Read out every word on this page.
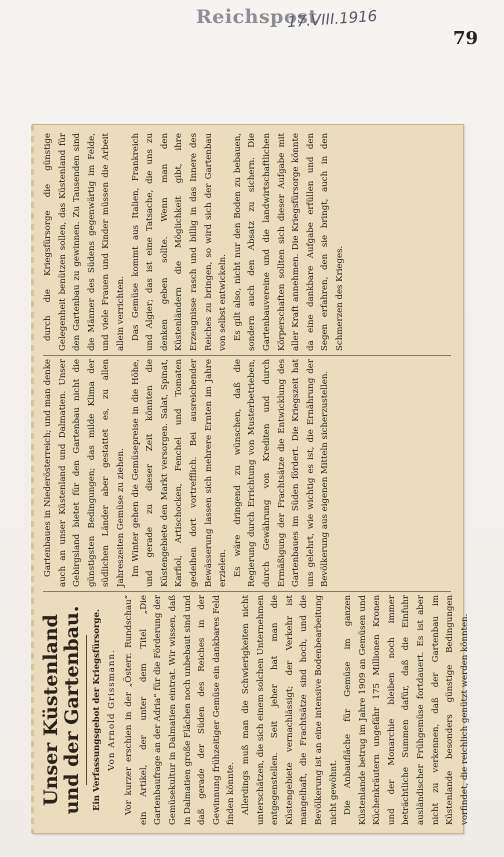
Reichspost
17.VIII.1916
79
Unser Küstenland und der Gartenbau. Ein Verfassungsgebot der Kriegsfürsorge. Von Arnold Grissmann. Vor kurzer erschien in der „Österr. Rundschau“ ein Artikel, der unter dem Titel „Die Gartenbaufrage an der Adria“ für die Förderung der Gemüsekultur in Dalmatien eintrat. Wir wissen, daß in Dalmatien große Flächen noch unbebaut sind und daß gerade der Süden des Reiches in der Gewinnung frühzeitiger Gemüse ein dankbares Feld finden könnte. Allerdings muß man die Schwierigkeiten nicht unterschätzen, die sich einem solchen Unternehmen entgegenstellen. Seit jeher hat man die Küstengebiete vernachlässigt; der Verkehr ist mangelhaft, die Frachtsätze sind hoch, und die Bevölkerung ist an eine intensive Bodenbearbeitung nicht gewöhnt. Die Anbaufläche für Gemüse im ganzen Küstenlande betrug im Jahre 1909 an Gemüsen und Küchenkräutern ungefähr 175 Millionen Kronen und der Monarchie bleiben noch immer beträchtliche Summen dafür, daß die Einfuhr ausländischer Frühgemüse fortdauert. Es ist aber nicht zu verkennen, daß der Gartenbau im Küstenlande besonders günstige Bedingungen vorfindet, die reichlich genützt werden könnten.

Gartenbaues in Niederösterreich; und man denke auch an unser Küstenland und Dalmatien. Unser Gebirgsland bietet für den Gartenbau nicht die günstigsten Bedingungen; das milde Klima der südlichen Länder aber gestattet es, zu allen Jahreszeiten Gemüse zu ziehen. Im Winter gehen die Gemüsepreise in die Höhe, und gerade zu dieser Zeit könnten die Küstengebiete den Markt versorgen. Salat, Spinat, Karfiol, Artischocken, Fenchel und Tomaten gedeihen dort vortrefflich. Bei ausreichender Bewässerung lassen sich mehrere Ernten im Jahre erzielen. Es wäre dringend zu wünschen, daß die Regierung durch Errichtung von Musterbetrieben, durch Gewährung von Krediten und durch Ermäßigung der Frachtsätze die Entwicklung des Gartenbaues im Süden fördert. Die Kriegszeit hat uns gelehrt, wie wichtig es ist, die Ernährung der Bevölkerung aus eigenen Mitteln sicherzustellen.

durch die Kriegsfürsorge die günstige Gelegenheit benützen sollen, das Küstenland für den Gartenbau zu gewinnen. Zu Tausenden sind die Männer des Südens gegenwärtig im Felde, und viele Frauen und Kinder müssen die Arbeit allein verrichten. Das Gemüse kommt aus Italien, Frankreich und Algier; das ist eine Tatsache, die uns zu denken geben sollte. Wenn man den Küstenländern die Möglichkeit gibt, ihre Erzeugnisse rasch und billig in das Innere des Reiches zu bringen, so wird sich der Gartenbau von selbst entwickeln. Es gilt also, nicht nur den Boden zu bebauen, sondern auch den Absatz zu sichern. Die Gartenbauvereine und die landwirtschaftlichen Körperschaften sollten sich dieser Aufgabe mit aller Kraft annehmen. Die Kriegsfürsorge könnte da eine dankbare Aufgabe erfüllen und den Segen erfahren, den sie bringt, auch in den Schmerzen des Krieges.
